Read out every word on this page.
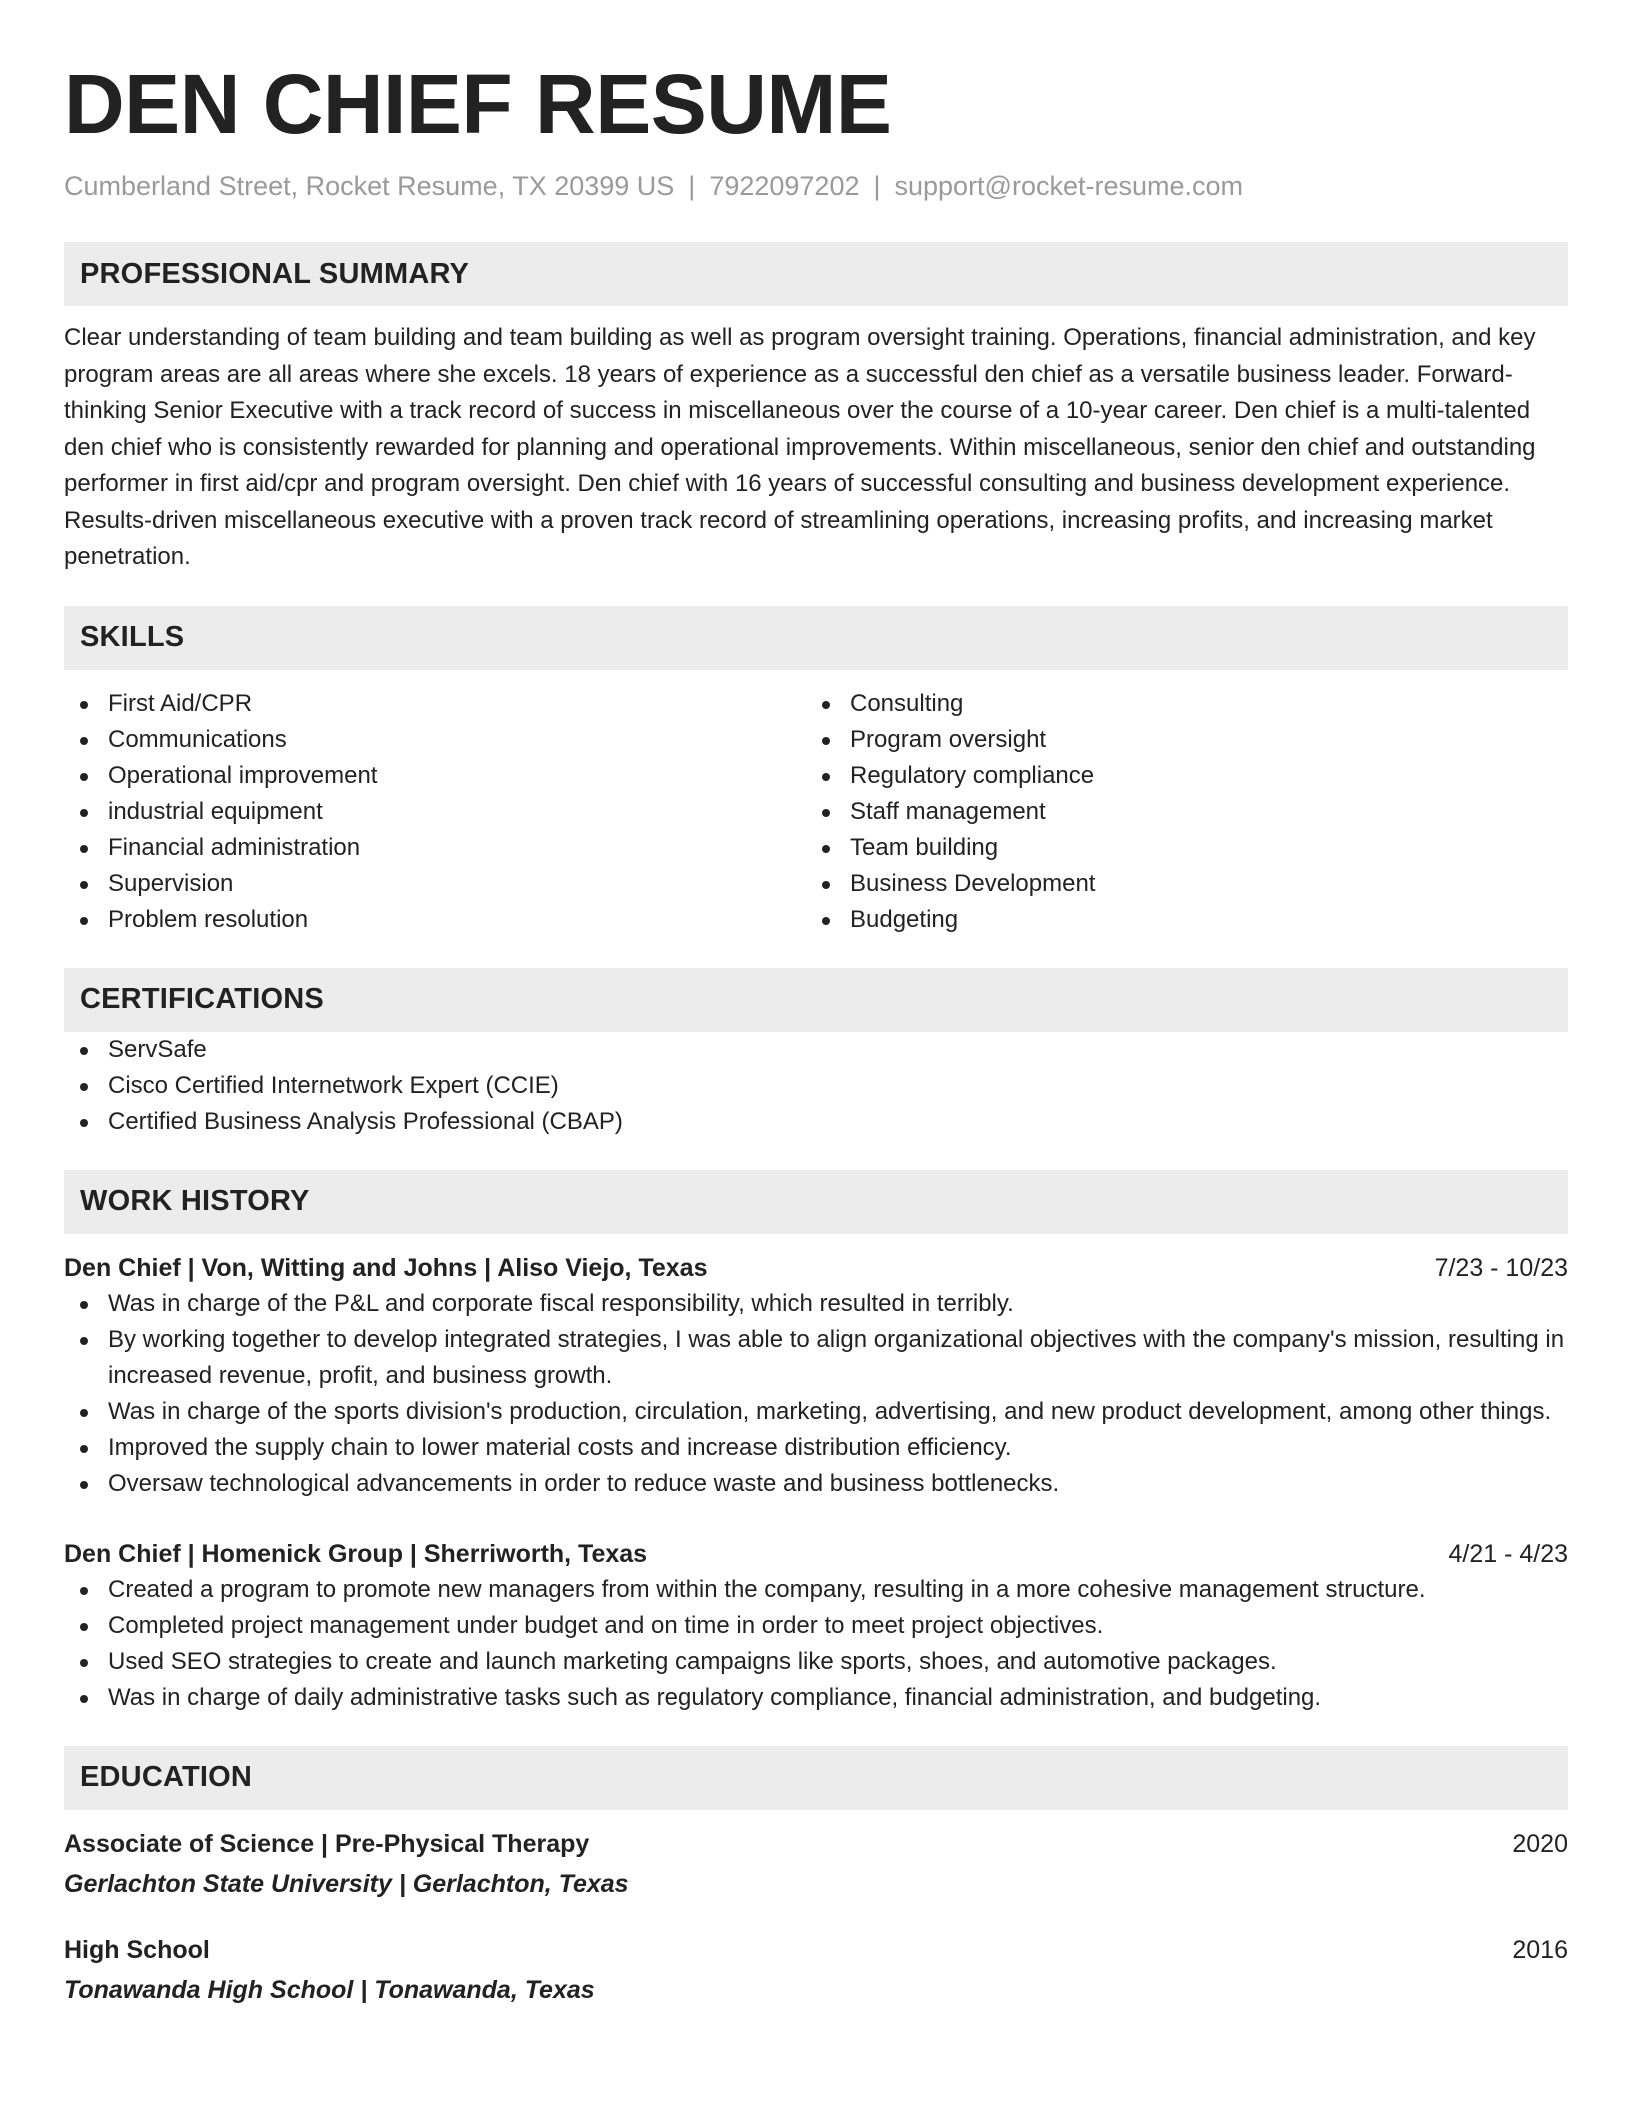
DEN CHIEF RESUME
Cumberland Street, Rocket Resume, TX 20399 US | 7922097202 | support@rocket-resume.com
PROFESSIONAL SUMMARY

Clear understanding of team building and team building as well as program oversight training. Operations, financial administration, and key program areas are all areas where she excels. 18 years of experience as a successful den chief as a versatile business leader. Forward-thinking Senior Executive with a track record of success in miscellaneous over the course of a 10-year career. Den chief is a multi-talented den chief who is consistently rewarded for planning and operational improvements. Within miscellaneous, senior den chief and outstanding performer in first aid/cpr and program oversight. Den chief with 16 years of successful consulting and business development experience. Results-driven miscellaneous executive with a proven track record of streamlining operations, increasing profits, and increasing market penetration.

SKILLS
First Aid/CPR
Communications
Operational improvement
industrial equipment
Financial administration
Supervision
Problem resolution
Consulting
Program oversight
Regulatory compliance
Staff management
Team building
Business Development
Budgeting
CERTIFICATIONS
ServSafe
Cisco Certified Internetwork Expert (CCIE)
Certified Business Analysis Professional (CBAP)
WORK HISTORY
Den Chief | Von, Witting and Johns | Aliso Viejo, Texas	7/23 - 10/23
Was in charge of the P&L and corporate fiscal responsibility, which resulted in terribly.
By working together to develop integrated strategies, I was able to align organizational objectives with the company's mission, resulting in increased revenue, profit, and business growth.
Was in charge of the sports division's production, circulation, marketing, advertising, and new product development, among other things.
Improved the supply chain to lower material costs and increase distribution efficiency.
Oversaw technological advancements in order to reduce waste and business bottlenecks.
Den Chief | Homenick Group | Sherriworth, Texas	4/21 - 4/23
Created a program to promote new managers from within the company, resulting in a more cohesive management structure.
Completed project management under budget and on time in order to meet project objectives.
Used SEO strategies to create and launch marketing campaigns like sports, shoes, and automotive packages.
Was in charge of daily administrative tasks such as regulatory compliance, financial administration, and budgeting.
EDUCATION
Associate of Science | Pre-Physical Therapy	2020
Gerlachton State University | Gerlachton, Texas
High School	2016
Tonawanda High School | Tonawanda, Texas
